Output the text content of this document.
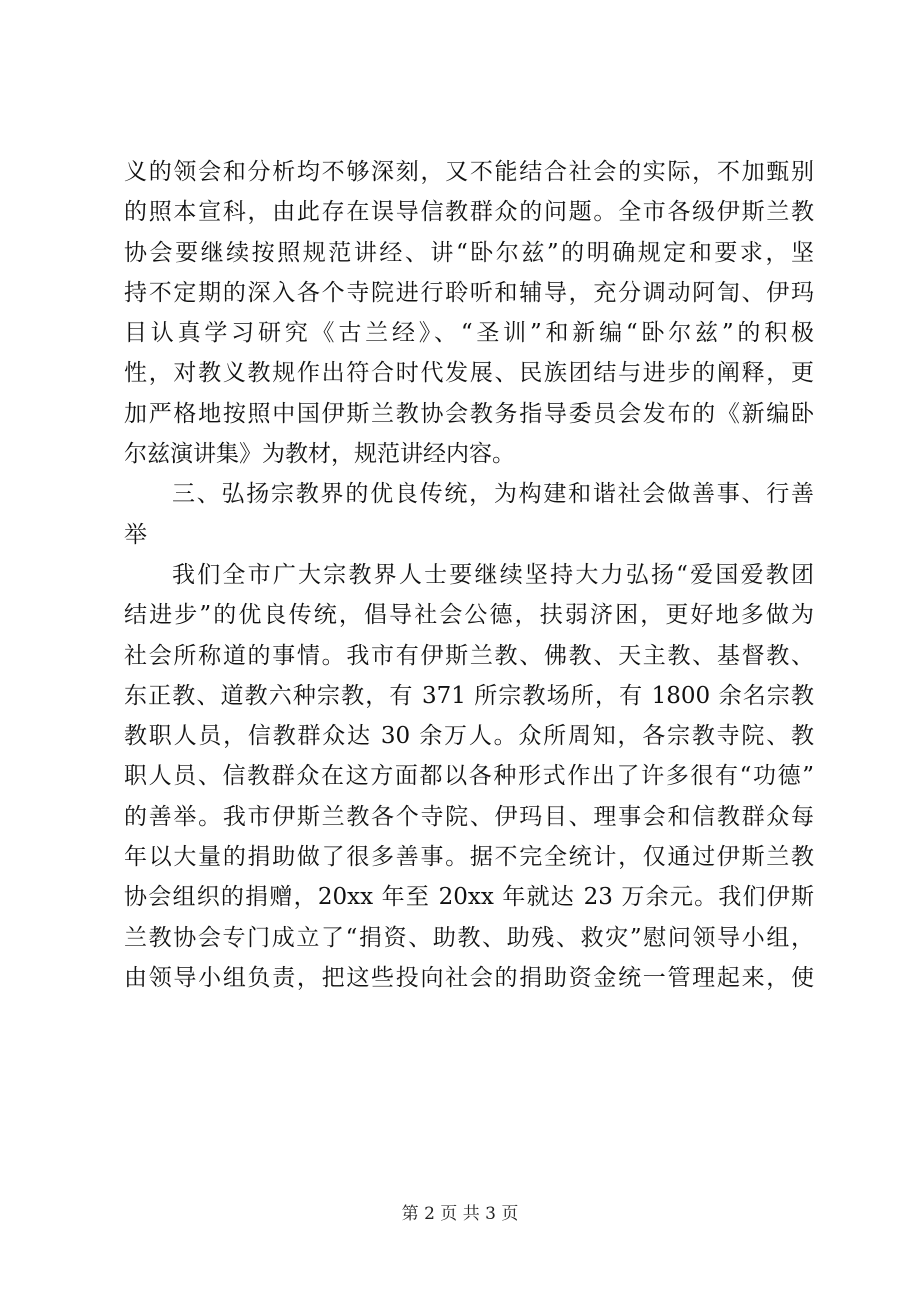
义的领会和分析均不够深刻，又不能结合社会的实际，不加甄别
的照本宣科，由此存在误导信教群众的问题。全市各级伊斯兰教
协会要继续按照规范讲经、讲“卧尔兹”的明确规定和要求，坚
持不定期的深入各个寺院进行聆听和辅导，充分调动阿訇、伊玛
目认真学习研究《古兰经》、“圣训”和新编“卧尔兹”的积极
性，对教义教规作出符合时代发展、民族团结与进步的阐释，更
加严格地按照中国伊斯兰教协会教务指导委员会发布的《新编卧
尔兹演讲集》为教材，规范讲经内容。
三、弘扬宗教界的优良传统，为构建和谐社会做善事、行善
举
我们全市广大宗教界人士要继续坚持大力弘扬“爱国爱教团
结进步”的优良传统，倡导社会公德，扶弱济困，更好地多做为
社会所称道的事情。我市有伊斯兰教、佛教、天主教、基督教、
东正教、道教六种宗教，有 371 所宗教场所，有 1800 余名宗教
教职人员，信教群众达 30 余万人。众所周知，各宗教寺院、教
职人员、信教群众在这方面都以各种形式作出了许多很有“功德”
的善举。我市伊斯兰教各个寺院、伊玛目、理事会和信教群众每
年以大量的捐助做了很多善事。据不完全统计，仅通过伊斯兰教
协会组织的捐赠，20xx 年至 20xx 年就达 23 万余元。我们伊斯
兰教协会专门成立了“捐资、助教、助残、救灾”慰问领导小组，
由领导小组负责，把这些投向社会的捐助资金统一管理起来，使
第 2 页 共 3 页
